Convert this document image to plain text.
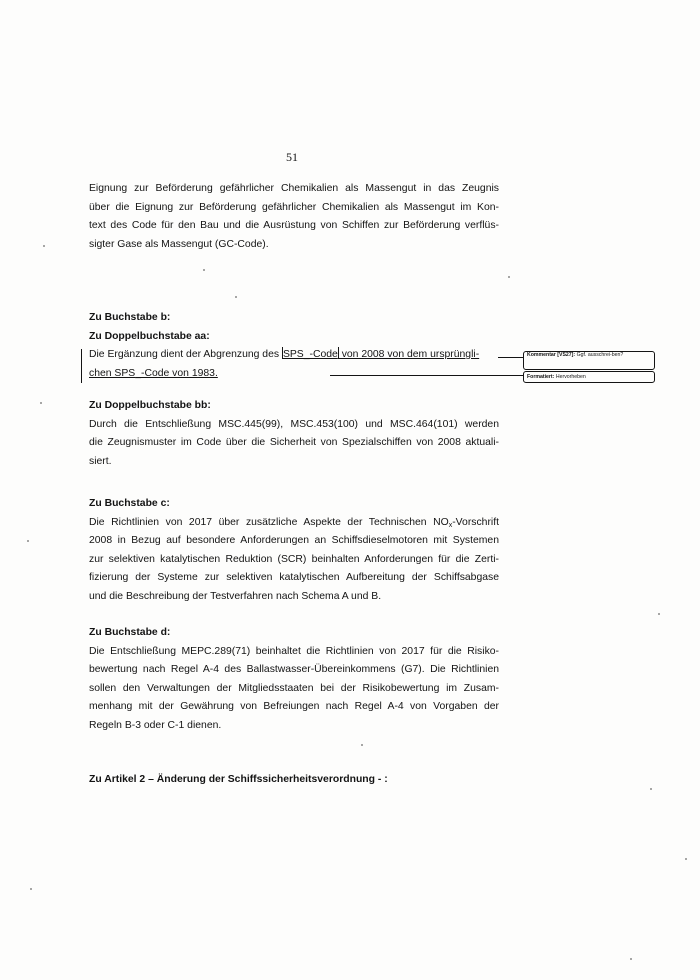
51
Eignung zur Beförderung gefährlicher Chemikalien als Massengut in das Zeugnis
über die Eignung zur Beförderung gefährlicher Chemikalien als Massengut im Kon-
text des Code für den Bau und die Ausrüstung von Schiffen zur Beförderung verflüs-
sigter Gase als Massengut (GC-Code).
Zu Buchstabe b:
Zu Doppelbuchstabe aa:
Die Ergänzung dient der Abgrenzung des SPS_-Code von 2008 von dem ursprüngli-
chen SPS_-Code von 1983.
Zu Doppelbuchstabe bb:
Durch die Entschließung MSC.445(99), MSC.453(100) und MSC.464(101) werden
die Zeugnismuster im Code über die Sicherheit von Spezialschiffen von 2008 aktuali-
siert.
Zu Buchstabe c:
Die Richtlinien von 2017 über zusätzliche Aspekte der Technischen $NO_x$-Vorschrift
2008 in Bezug auf besondere Anforderungen an Schiffsdieselmotoren mit Systemen
zur selektiven katalytischen Reduktion (SCR) beinhalten Anforderungen für die Zerti-
fizierung der Systeme zur selektiven katalytischen Aufbereitung der Schiffsabgase
und die Beschreibung der Testverfahren nach Schema A und B.
Zu Buchstabe d:
Die Entschließung MEPC.289(71) beinhaltet die Richtlinien von 2017 für die Risiko-
bewertung nach Regel A-4 des Ballastwasser-Übereinkommens (G7). Die Richtlinien
sollen den Verwaltungen der Mitgliedsstaaten bei der Risikobewertung im Zusam-
menhang mit der Gewährung von Befreiungen nach Regel A-4 von Vorgaben der
Regeln B-3 oder C-1 dienen.
Zu Artikel 2 – Änderung der Schiffssicherheitsverordnung - :
Kommentar [VS27]: Ggf. ausschrei-ben?
Formatiert: Hervorheben
